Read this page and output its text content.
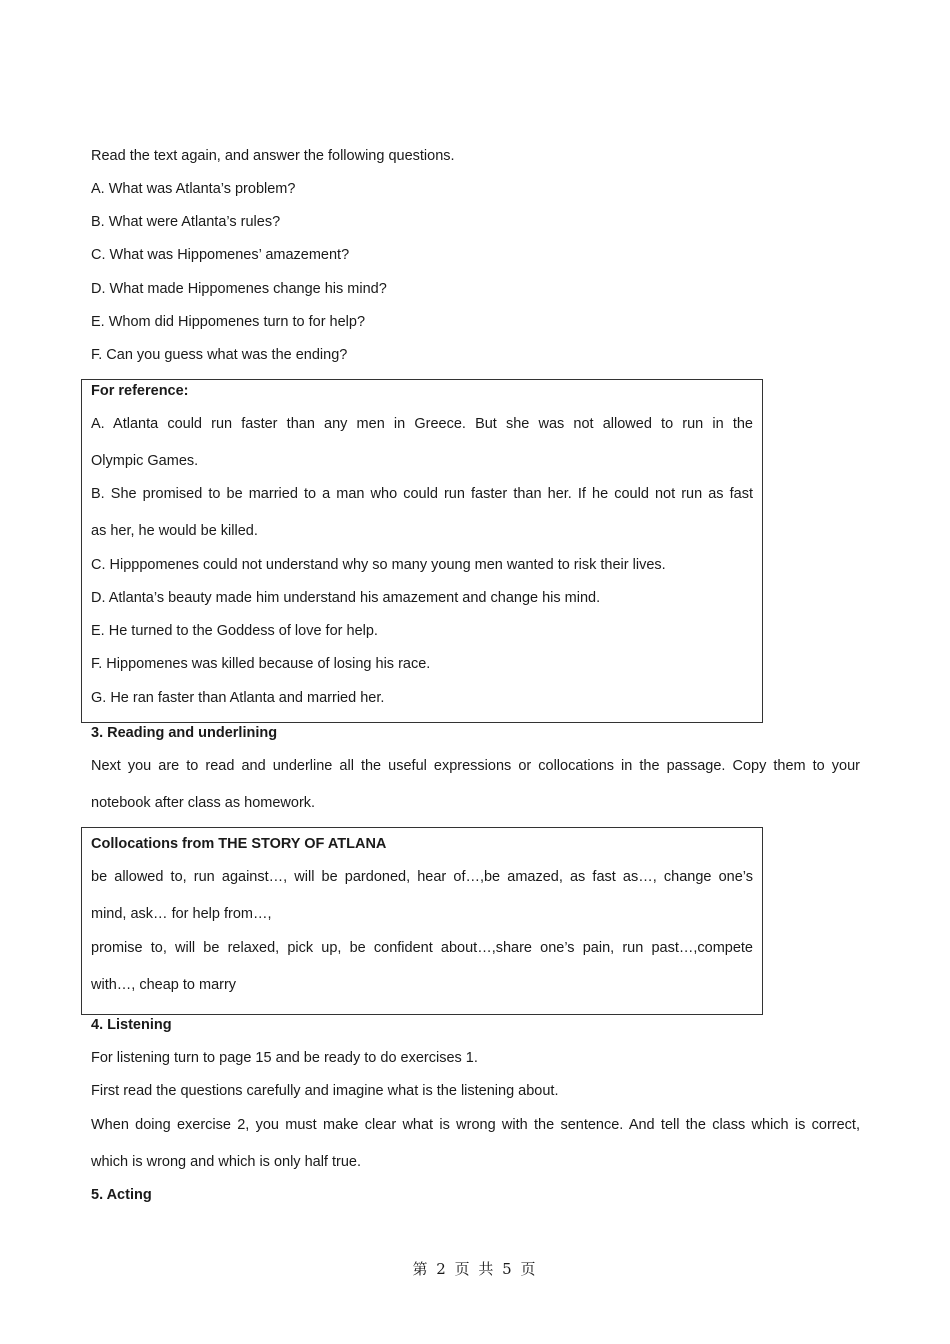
Read the text again, and answer the following questions.

A. What was Atlanta’s problem?

B. What were Atlanta’s rules?

C. What was Hippomenes’ amazement?

D. What made Hippomenes change his mind?

E. Whom did Hippomenes turn to for help?

F. Can you guess what was the ending?

For reference:

A. Atlanta could run faster than any men in Greece. But she was not allowed to run in the

Olympic Games.

B. She promised to be married to a man who could run faster than her. If he could not run as fast

as her, he would be killed.

C. Hipppomenes could not understand why so many young men wanted to risk their lives.

D. Atlanta’s beauty made him understand his amazement and change his mind.

E. He turned to the Goddess of love for help.

F. Hippomenes was killed because of losing his race.

G. He ran faster than Atlanta and married her.

3. Reading and underlining

Next you are to read and underline all the useful expressions or collocations in the passage. Copy them to your

notebook after class as homework.

Collocations from THE STORY OF ATLANA

be allowed to, run against…, will be pardoned, hear of…,be amazed, as fast as…, change one’s

mind, ask… for help from…,

promise to, will be relaxed, pick up, be confident about…,share one’s pain, run past…,compete

with…, cheap to marry

4. Listening

For listening turn to page 15 and be ready to do exercises 1.

First read the questions carefully and imagine what is the listening about.

When doing exercise 2, you must make clear what is wrong with the sentence. And tell the class which is correct,

which is wrong and which is only half true.

5. Acting

第 2 页 共 5 页
